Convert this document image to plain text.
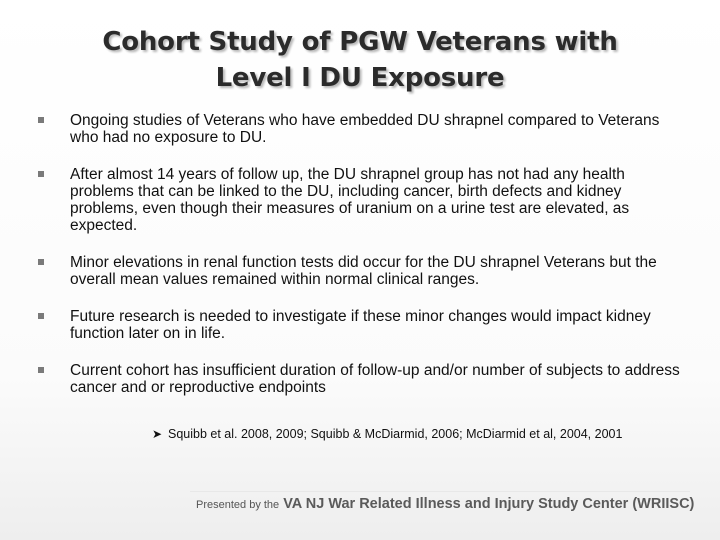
Cohort Study of PGW Veterans with
Level I DU Exposure
Ongoing studies of Veterans who have embedded DU shrapnel compared to Veterans who had no exposure to DU.
After almost 14 years of follow up, the DU shrapnel group has not had any health problems that can be linked to the DU, including cancer, birth defects and kidney problems, even though their measures of uranium on a urine test are elevated, as expected.
Minor elevations in renal function tests did occur for the DU shrapnel Veterans but the overall mean values remained within normal clinical ranges.
Future research is needed to investigate if these minor changes would impact kidney function later on in life.
Current cohort has insufficient duration of follow-up and/or number of subjects to address cancer and or reproductive endpoints
➤ Squibb et al. 2008, 2009; Squibb & McDiarmid, 2006; McDiarmid et al, 2004, 2001
Presented by the VA NJ War Related Illness and Injury Study Center (WRIISC)
